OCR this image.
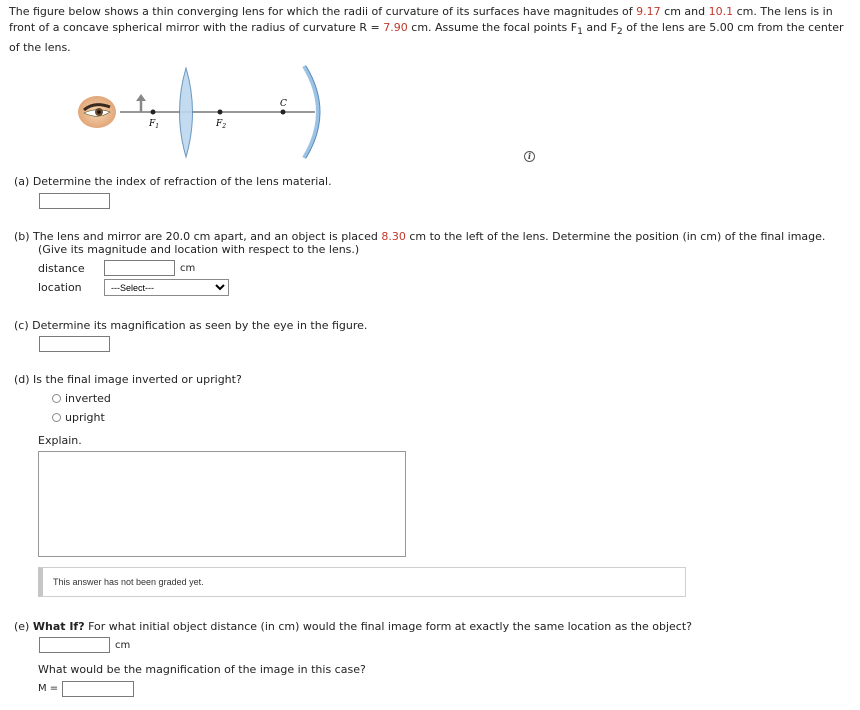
The figure below shows a thin converging lens for which the radii of curvature of its surfaces have magnitudes of 9.17 cm and 10.1 cm. The lens is in front of a concave spherical mirror with the radius of curvature R = 7.90 cm. Assume the focal points $F_1$ and $F_2$ of the lens are 5.00 cm from the center of the lens.
$F_1$	$F_2$
C
i
(a) Determine the index of refraction of the lens material.
(b) The lens and mirror are 20.0 cm apart, and an object is placed 8.30 cm to the left of the lens. Determine the position (in cm) of the final image.
(Give its magnitude and location with respect to the lens.)
distance	cm
location
---Select---
(c) Determine its magnification as seen by the eye in the figure.
(d) Is the final image inverted or upright?
inverted
upright
Explain.
This answer has not been graded yet.
(e) What If? For what initial object distance (in cm) would the final image form at exactly the same location as the object?
cm
What would be the magnification of the image in this case?
M =
